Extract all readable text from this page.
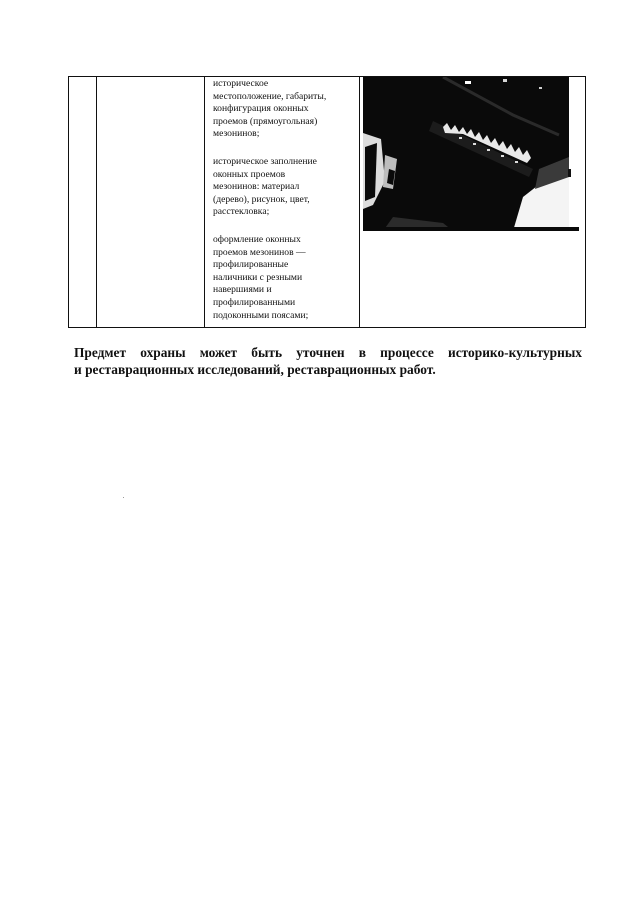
историческое
местоположение, габариты,
конфигурация оконных
проемов (прямоугольная)
мезонинов;
историческое заполнение
оконных проемов
мезонинов: материал
(дерево), рисунок, цвет,
расстекловка;
оформление оконных
проемов мезонинов —
профилированные
наличники с резными
навершиями и
профилированными
подоконными поясами;

Предмет охраны может быть уточнен в процессе историко-культурных
и реставрационных исследований, реставрационных работ.
